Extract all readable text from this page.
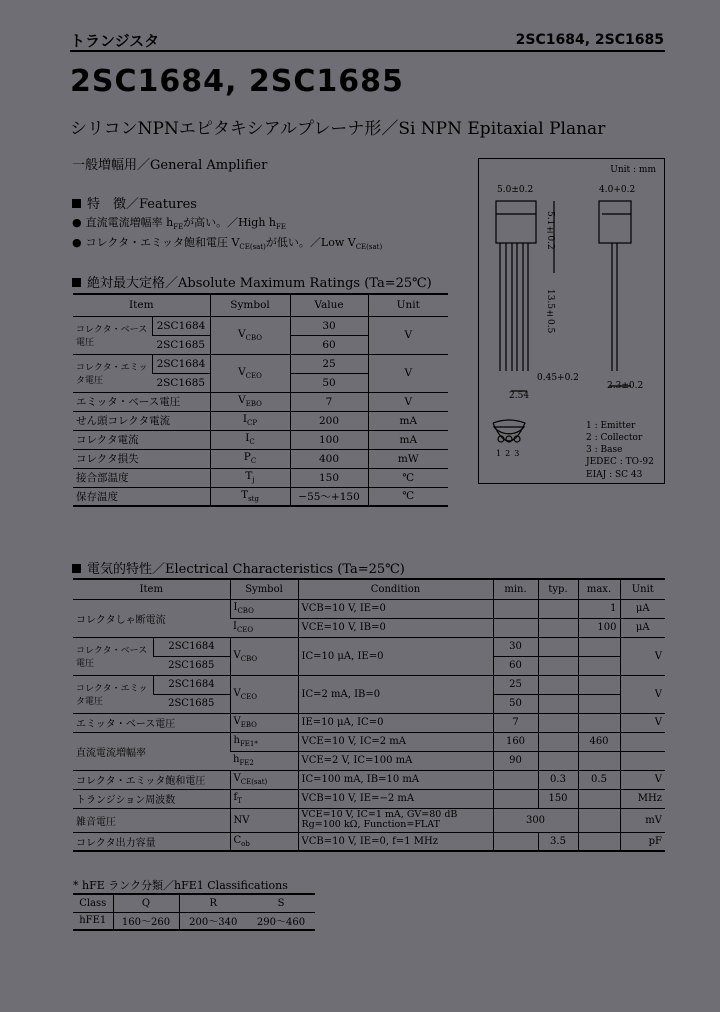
トランジスタ	2SC1684, 2SC1685
2SC1684, 2SC1685
シリコンNPNエピタキシアルプレーナ形／Si NPN Epitaxial Planar
一般増幅用／General Amplifier
特　徴／Features
● 直流電流増幅率 $h_{FE}$が高い。／High $h_{FE}$
● コレクタ・エミッタ飽和電圧 $V_{CE(sat)}$が低い。／Low $V_{CE(sat)}$
絶対最大定格／Absolute Maximum Ratings (Ta=25℃)
Item		Symbol	Value	Unit
コレクタ・ベース電圧	2SC1684	$V_{CBO}$	30	V
	2SC1685		60	
コレクタ・エミッタ電圧	2SC1684	$V_{CEO}$	25	V
	2SC1685		50	
エミッタ・ベース電圧		$V_{EBO}$	7	V
せん頭コレクタ電流		$I_{CP}$	200	mA
コレクタ電流		$I_C$	100	mA
コレクタ損失		$P_C$	400	mW
接合部温度		$T_j$	150	℃
保存温度		$T_{stg}$	−55～+150	℃
Unit : mm
5.0±0.2	4.0+0.2
5.1±0.2
13.5±0.5
0.45+0.2
2.54
2.3±0.2
123
1 : Emitter
2 : Collector
3 : Base
JEDEC : TO-92
EIAJ : SC 43
電気的特性／Electrical Characteristics (Ta=25℃)
Item		Symbol	Condition	min.	typ.	max.	Unit
コレクタしゃ断電流		$I_{CBO}$	VCB=10 V, IE=0			1	μA
		$I_{CEO}$	VCE=10 V, IB=0			100	μA
コレクタ・ベース電圧	2SC1684	$V_{CBO}$	IC=10 μA, IE=0	30			V
	2SC1685			60			
コレクタ・エミッタ電圧	2SC1684	$V_{CEO}$	IC=2 mA, IB=0	25			V
	2SC1685			50			
エミッタ・ベース電圧		$V_{EBO}$	IE=10 μA, IC=0	7			V
直流電流増幅率		$h_{FE1*}$	VCE=10 V, IC=2 mA	160		460	
		$h_{FE2}$	VCE=2 V, IC=100 mA	90			
コレクタ・エミッタ飽和電圧		$V_{CE(sat)}$	IC=100 mA, IB=10 mA		0.3	0.5	V
トランジション周波数		$f_T$	VCB=10 V, IE=−2 mA		150		MHz
雑音電圧		NV	VCE=10 V, IC=1 mA, GV=80 dB
Rg=100 kΩ, Function=FLAT	300			mV
コレクタ出力容量		$C_{ob}$	VCB=10 V, IE=0, f=1 MHz		3.5		pF
* hFE ランク分類／hFE1 Classifications
Class	Q	R	S
hFE1	160～260	200～340	290～460
